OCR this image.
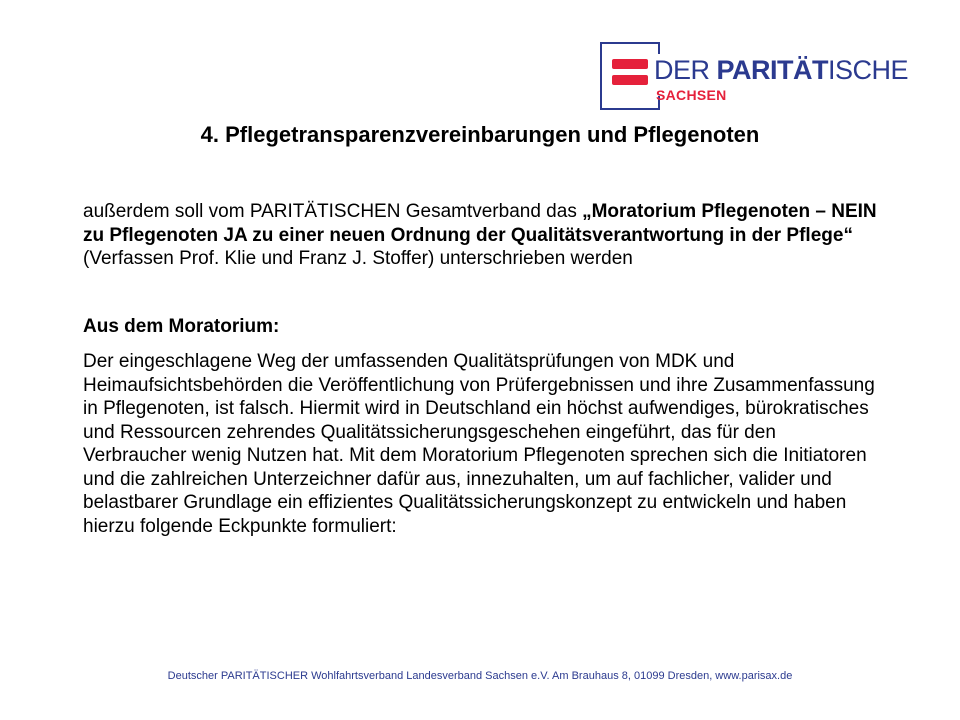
DER PARITÄTISCHE
SACHSEN
4. Pflegetransparenzvereinbarungen und Pflegenoten

außerdem soll vom PARITÄTISCHEN Gesamtverband das „Moratorium Pflegenoten – NEIN zu Pflegenoten JA zu einer neuen Ordnung der Qualitätsverantwortung in der Pflege“ (Verfassen Prof. Klie und Franz J. Stoffer) unterschrieben werden

Aus dem Moratorium:

Der eingeschlagene Weg der umfassenden Qualitätsprüfungen von MDK und Heimaufsichtsbehörden die Veröffentlichung von Prüfergebnissen und ihre Zusammenfassung in Pflegenoten, ist falsch. Hiermit wird in Deutschland ein höchst aufwendiges, bürokratisches und Ressourcen zehrendes Qualitätssicherungsgeschehen eingeführt, das für den Verbraucher wenig Nutzen hat. Mit dem Moratorium Pflegenoten sprechen sich die Initiatoren und die zahlreichen Unterzeichner dafür aus, innezuhalten, um auf fachlicher, valider und belastbarer Grundlage ein effizientes Qualitätssicherungskonzept zu entwickeln und haben hierzu folgende Eckpunkte formuliert:

Deutscher PARITÄTISCHER Wohlfahrtsverband Landesverband Sachsen e.V. Am Brauhaus 8, 01099 Dresden, www.parisax.de
